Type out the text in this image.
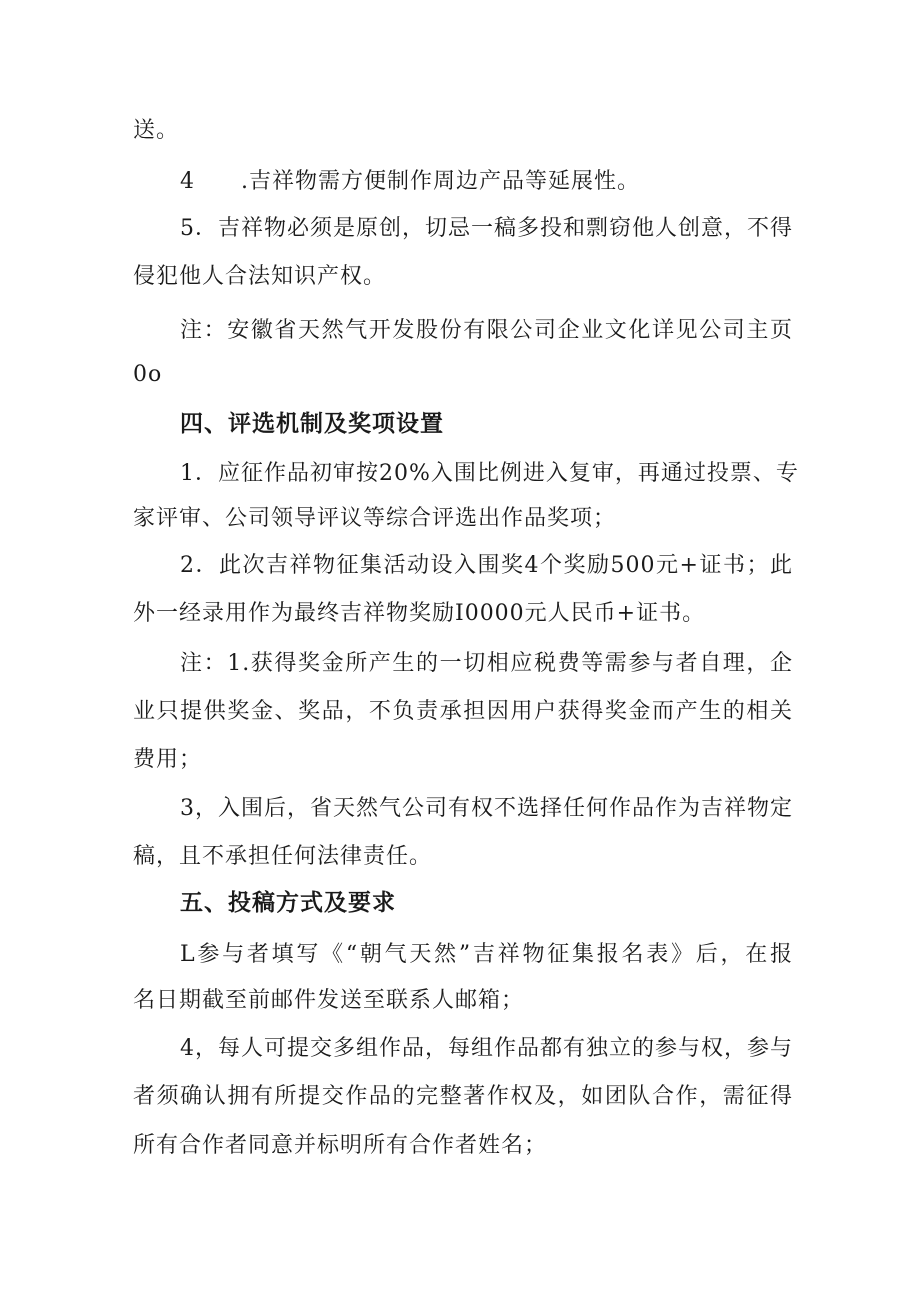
送。
4  .吉祥物需方便制作周边产品等延展性。
5．吉祥物必须是原创，切忌一稿多投和剽窃他人创意，不得
侵犯他人合法知识产权。
注：安徽省天然气开发股份有限公司企业文化详见公司主页
0o
四、评选机制及奖项设置
1．应征作品初审按20%入围比例进入复审，再通过投票、专
家评审、公司领导评议等综合评选出作品奖项；
2．此次吉祥物征集活动设入围奖4个奖励500元+证书；此
外一经录用作为最终吉祥物奖励I0000元人民币+证书。
注：1.获得奖金所产生的一切相应税费等需参与者自理，企
业只提供奖金、奖品，不负责承担因用户获得奖金而产生的相关
费用；
3，入围后，省天然气公司有权不选择任何作品作为吉祥物定
稿，且不承担任何法律责任。
五、投稿方式及要求
L参与者填写《“朝气天然”吉祥物征集报名表》后，在报
名日期截至前邮件发送至联系人邮箱；
4，每人可提交多组作品，每组作品都有独立的参与权，参与
者须确认拥有所提交作品的完整著作权及，如团队合作，需征得
所有合作者同意并标明所有合作者姓名；
